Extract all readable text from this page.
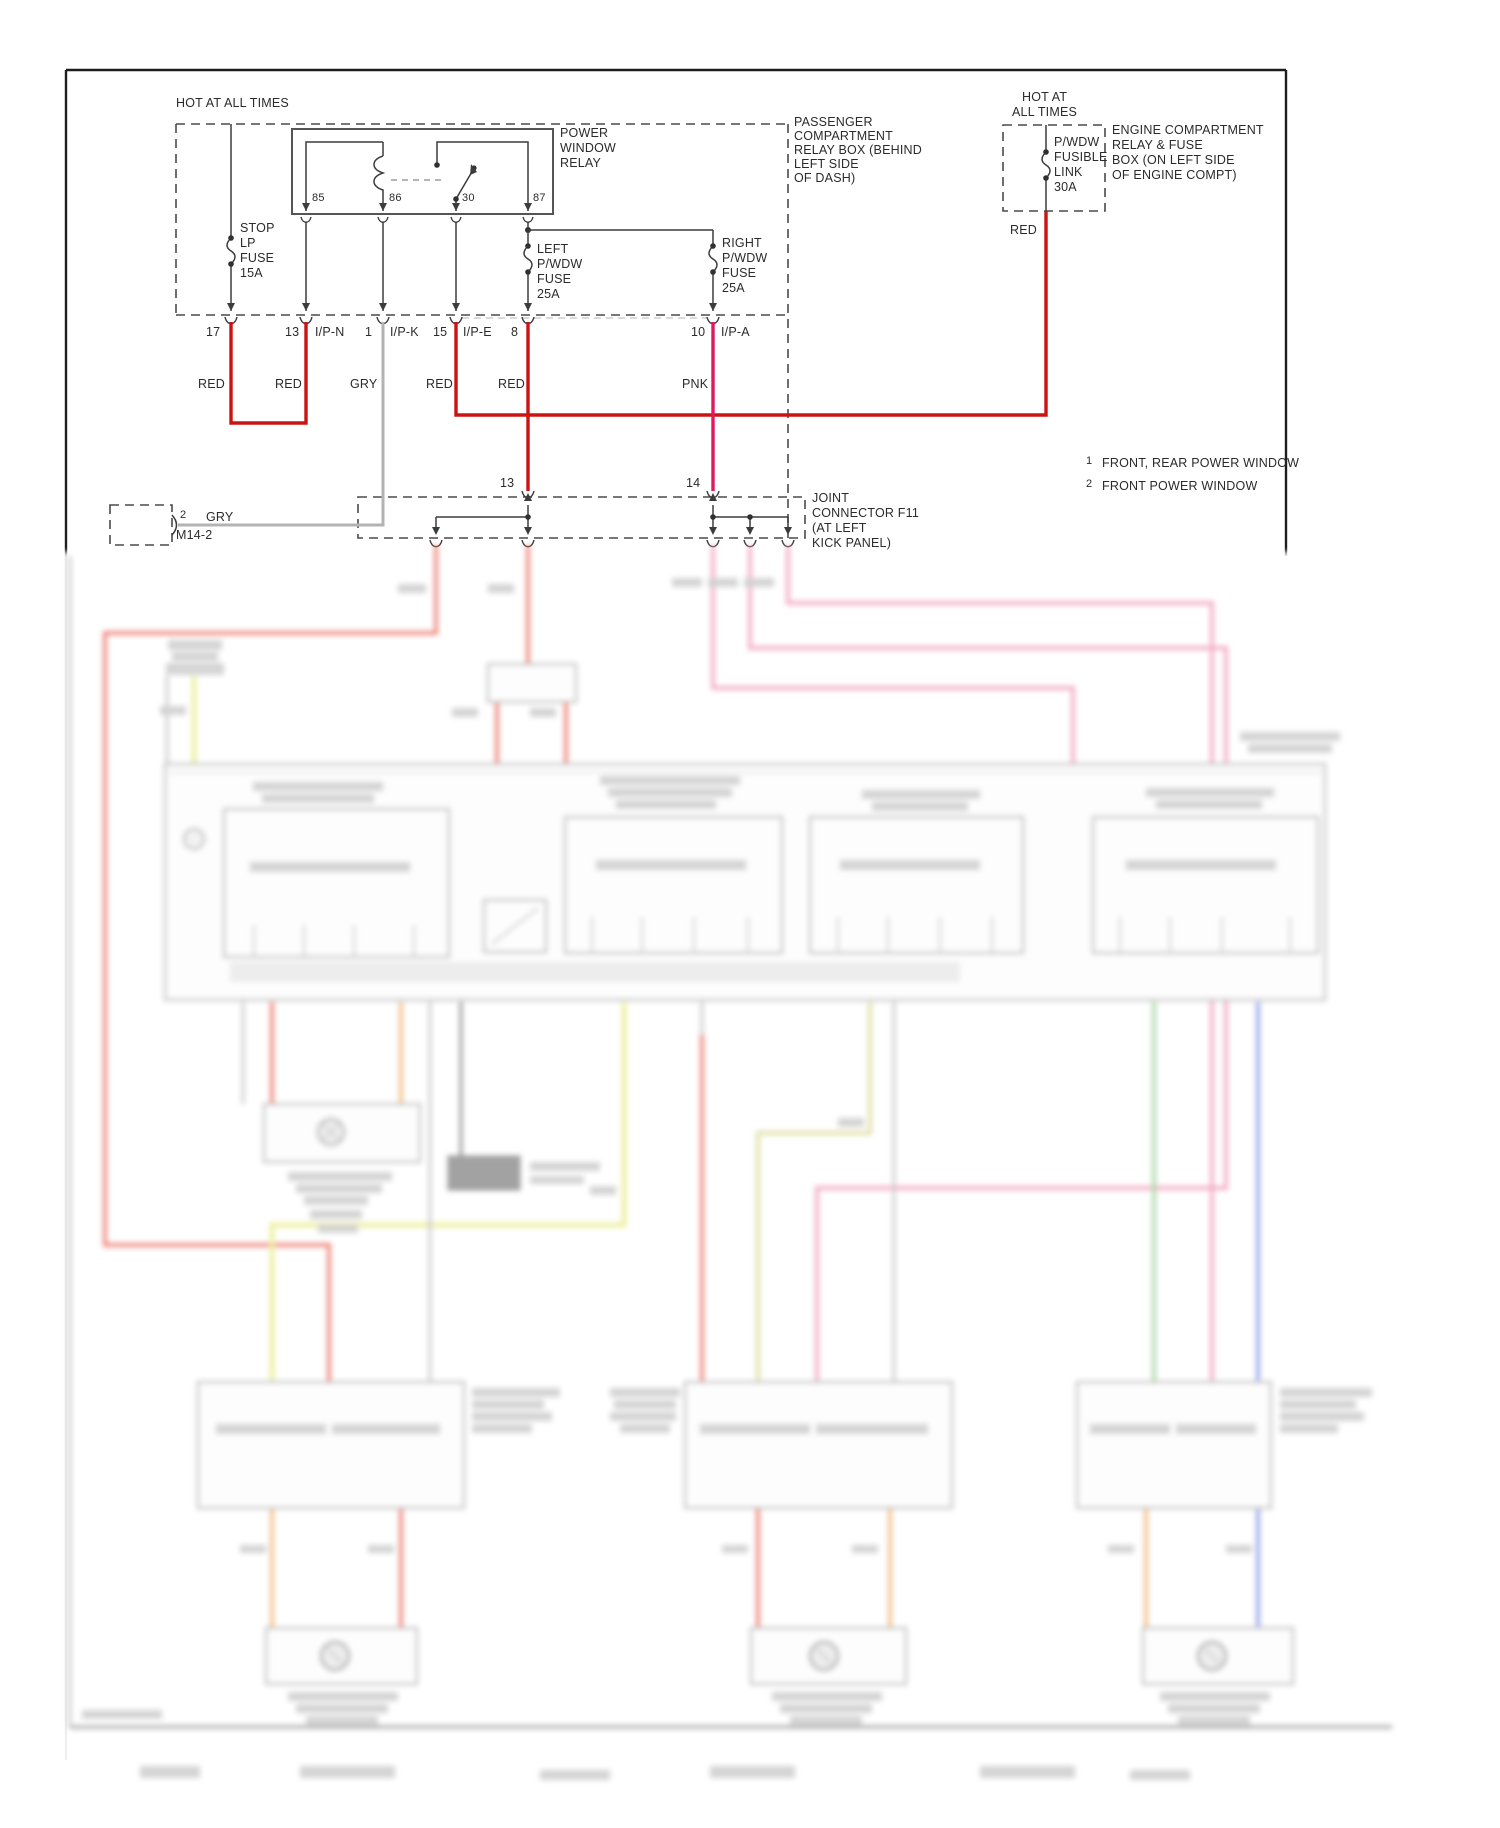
HOT AT ALL TIMES
PASSENGER
COMPARTMENT
RELAY BOX (BEHIND
LEFT SIDE
OF DASH)
POWER
WINDOW
RELAY
85	86	30	87
STOP
LP
FUSE
15A
LEFT
P/WDW
FUSE
25A
RIGHT
P/WDW
FUSE
25A
HOT AT
ALL TIMES
P/WDW
FUSIBLE
LINK
30A
ENGINE COMPARTMENT
RELAY & FUSE
BOX (ON LEFT SIDE
OF ENGINE COMPT)
RED
17	13 I/P-N 1 I/P-K 15 I/P-E 8	10 I/P-A
RED	RED	GRY	RED	RED	PNK
2 GRY
M14-2
13	14
JOINT
CONNECTOR F11
(AT LEFT
KICK PANEL)
1 FRONT, REAR POWER WINDOW
2 FRONT POWER WINDOW
